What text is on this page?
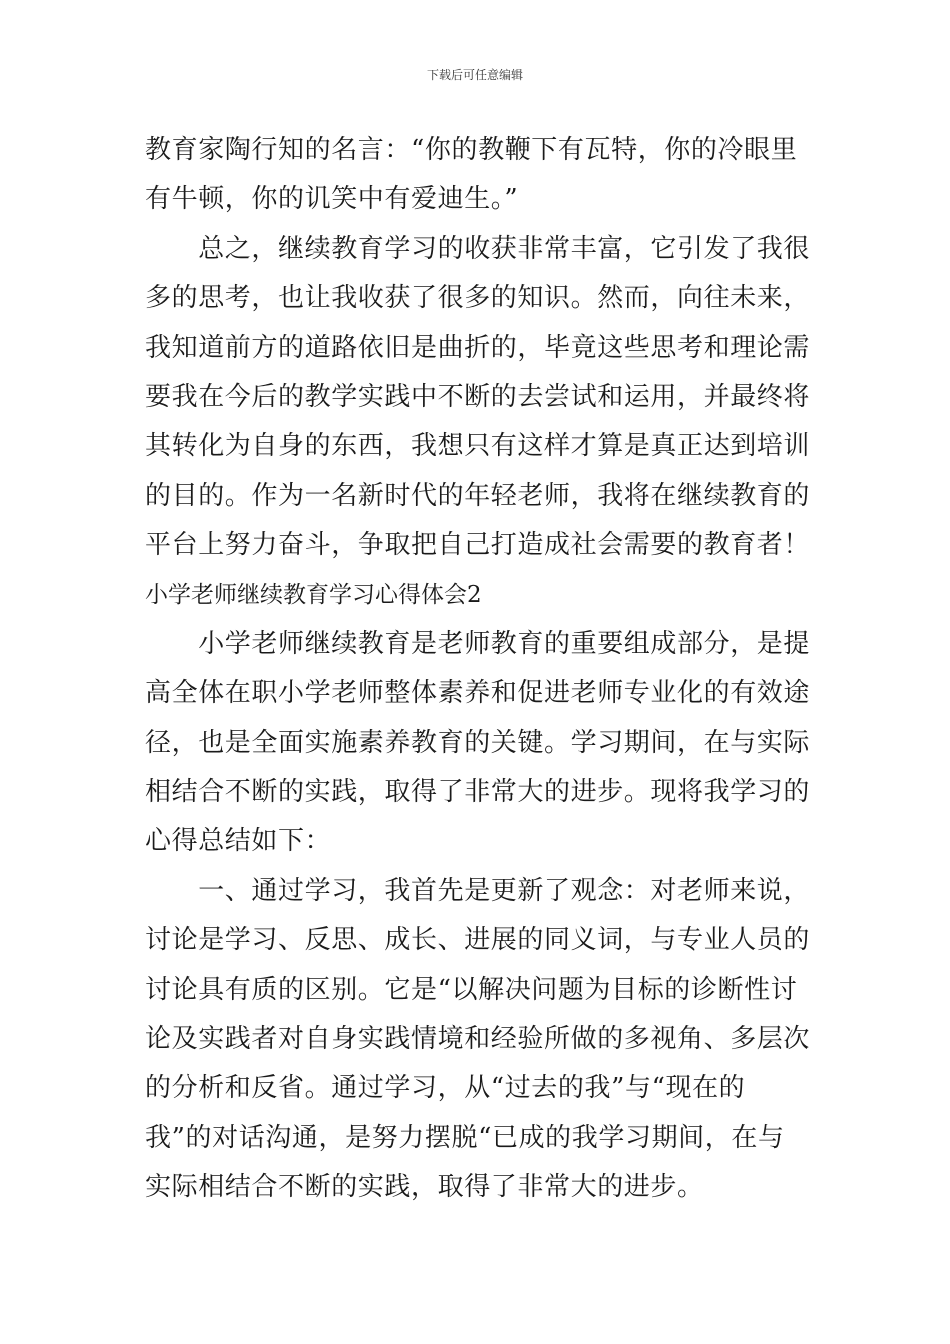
下载后可任意编辑
教育家陶行知的名言：“你的教鞭下有瓦特，你的冷眼里
有牛顿，你的讥笑中有爱迪生。”
　　总之，继续教育学习的收获非常丰富，它引发了我很
多的思考，也让我收获了很多的知识。然而，向往未来，
我知道前方的道路依旧是曲折的，毕竟这些思考和理论需
要我在今后的教学实践中不断的去尝试和运用，并最终将
其转化为自身的东西，我想只有这样才算是真正达到培训
的目的。作为一名新时代的年轻老师，我将在继续教育的
平台上努力奋斗，争取把自己打造成社会需要的教育者！
小学老师继续教育学习心得体会2
　　小学老师继续教育是老师教育的重要组成部分，是提
高全体在职小学老师整体素养和促进老师专业化的有效途
径，也是全面实施素养教育的关键。学习期间，在与实际
相结合不断的实践，取得了非常大的进步。现将我学习的
心得总结如下：
　　一、通过学习，我首先是更新了观念：对老师来说，
讨论是学习、反思、成长、进展的同义词，与专业人员的
讨论具有质的区别。它是“以解决问题为目标的诊断性讨
论及实践者对自身实践情境和经验所做的多视角、多层次
的分析和反省。通过学习，从“过去的我”与“现在的
我”的对话沟通，是努力摆脱“已成的我学习期间，在与
实际相结合不断的实践，取得了非常大的进步。
